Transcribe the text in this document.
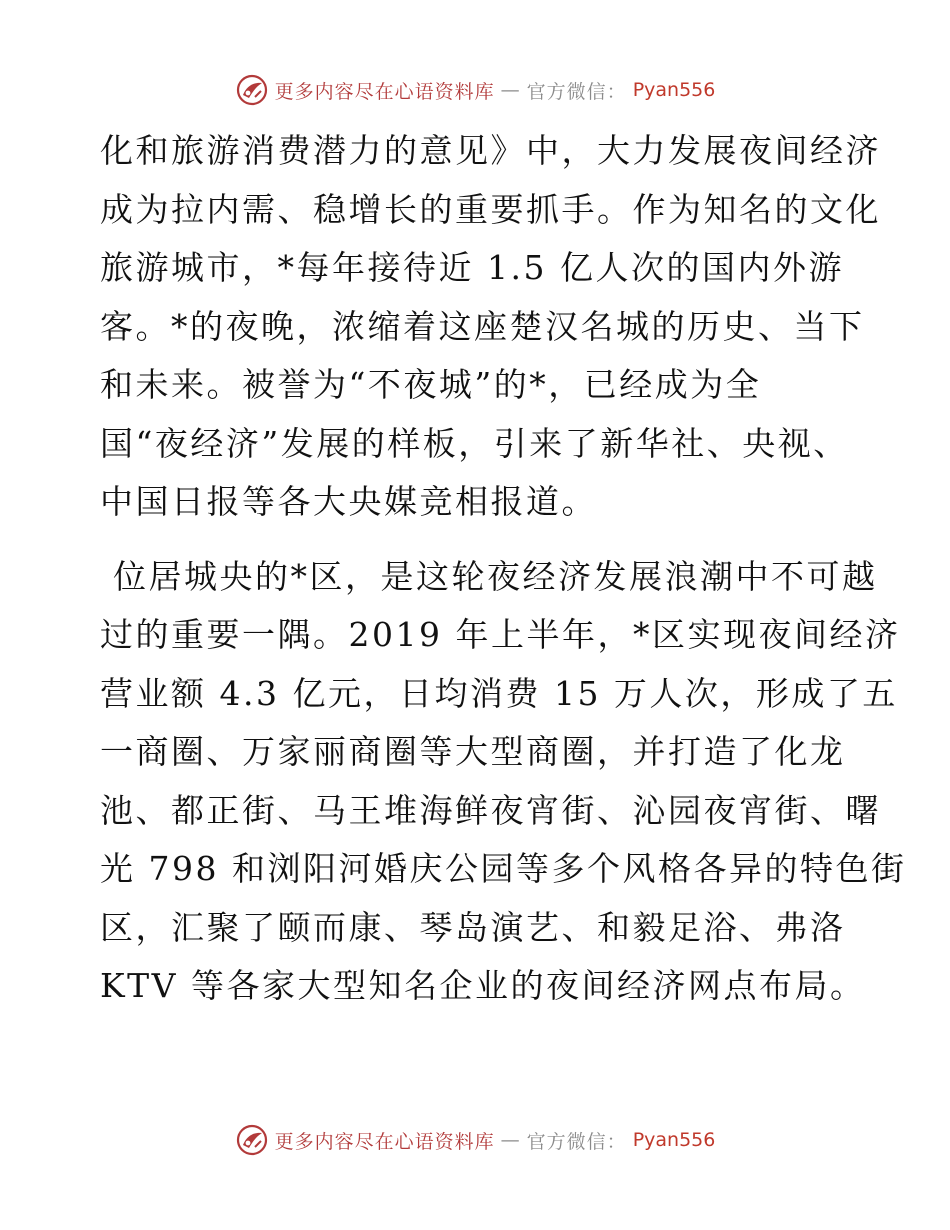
更多内容尽在心语资料库 — 官方微信： Pyan556

化和旅游消费潜力的意见》中，大力发展夜间经济
成为拉内需、稳增长的重要抓手。作为知名的文化
旅游城市，*每年接待近 1.5 亿人次的国内外游
客。*的夜晚，浓缩着这座楚汉名城的历史、当下
和未来。被誉为“不夜城”的*，已经成为全
国“夜经济”发展的样板，引来了新华社、央视、
中国日报等各大央媒竞相报道。

位居城央的*区，是这轮夜经济发展浪潮中不可越
过的重要一隅。2019 年上半年，*区实现夜间经济
营业额 4.3 亿元，日均消费 15 万人次，形成了五
一商圈、万家丽商圈等大型商圈，并打造了化龙
池、都正街、马王堆海鲜夜宵街、沁园夜宵街、曙
光 798 和浏阳河婚庆公园等多个风格各异的特色街
区，汇聚了颐而康、琴岛演艺、和毅足浴、弗洛
KTV 等各家大型知名企业的夜间经济网点布局。

更多内容尽在心语资料库 — 官方微信： Pyan556
